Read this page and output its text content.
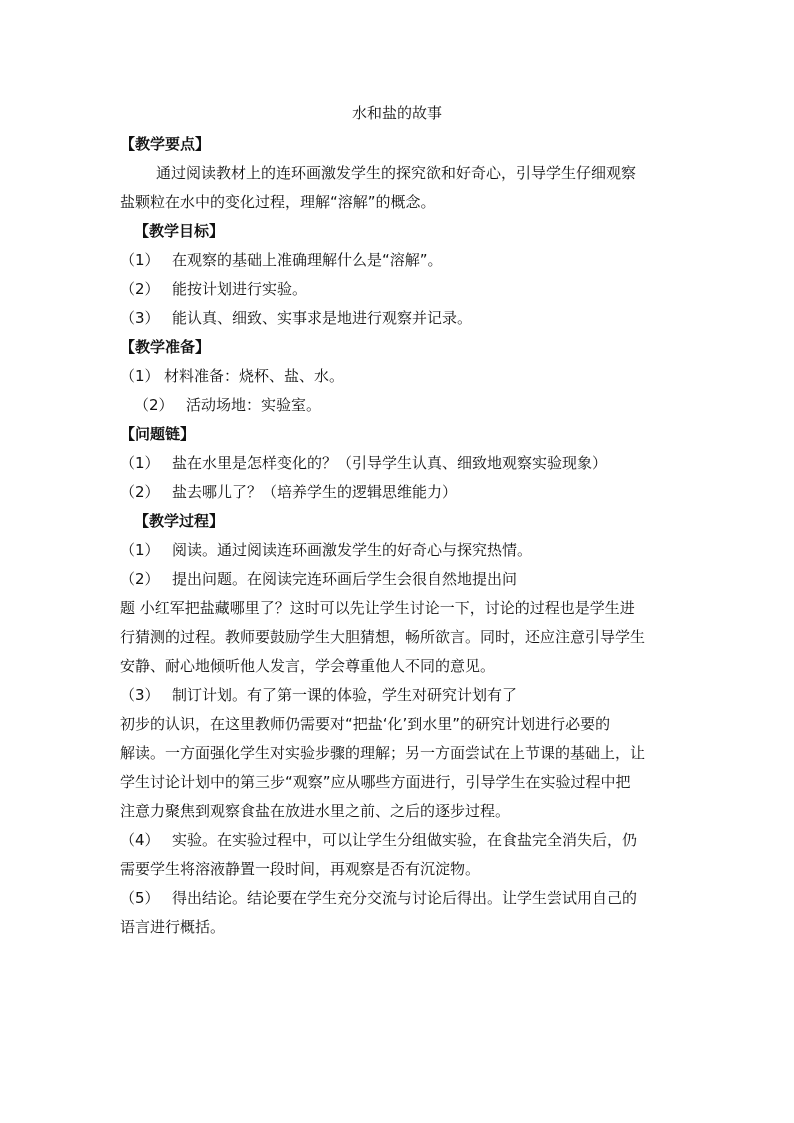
水和盐的故事
【教学要点】
通过阅读教材上的连环画激发学生的探究欲和好奇心，引导学生仔细观察
盐颗粒在水中的变化过程，理解“溶解”的概念。
【教学目标】
（1） 在观察的基础上准确理解什么是“溶解”。
（2） 能按计划进行实验。
（3） 能认真、细致、实事求是地进行观察并记录。
【教学准备】
（1） 材料准备：烧杯、盐、水。
（2） 活动场地：实验室。
【问题链】
（1） 盐在水里是怎样变化的？（引导学生认真、细致地观察实验现象）
（2） 盐去哪儿了？（培养学生的逻辑思维能力）
【教学过程】
（1） 阅读。通过阅读连环画激发学生的好奇心与探究热情。
（2） 提出问题。在阅读完连环画后学生会很自然地提出问
题 小红军把盐藏哪里了？这时可以先让学生讨论一下，讨论的过程也是学生进
行猜测的过程。教师要鼓励学生大胆猜想，畅所欲言。同时，还应注意引导学生
安静、耐心地倾听他人发言，学会尊重他人不同的意见。
（3） 制订计划。有了第一课的体验，学生对研究计划有了
初步的认识，在这里教师仍需要对“把盐‘化’到水里”的研究计划进行必要的
解读。一方面强化学生对实验步骤的理解；另一方面尝试在上节课的基础上，让
学生讨论计划中的第三步“观察”应从哪些方面进行，引导学生在实验过程中把
注意力聚焦到观察食盐在放进水里之前、之后的逐步过程。
（4） 实验。在实验过程中，可以让学生分组做实验，在食盐完全消失后，仍
需要学生将溶液静置一段时间，再观察是否有沉淀物。
（5） 得出结论。结论要在学生充分交流与讨论后得出。让学生尝试用自己的
语言进行概括。
